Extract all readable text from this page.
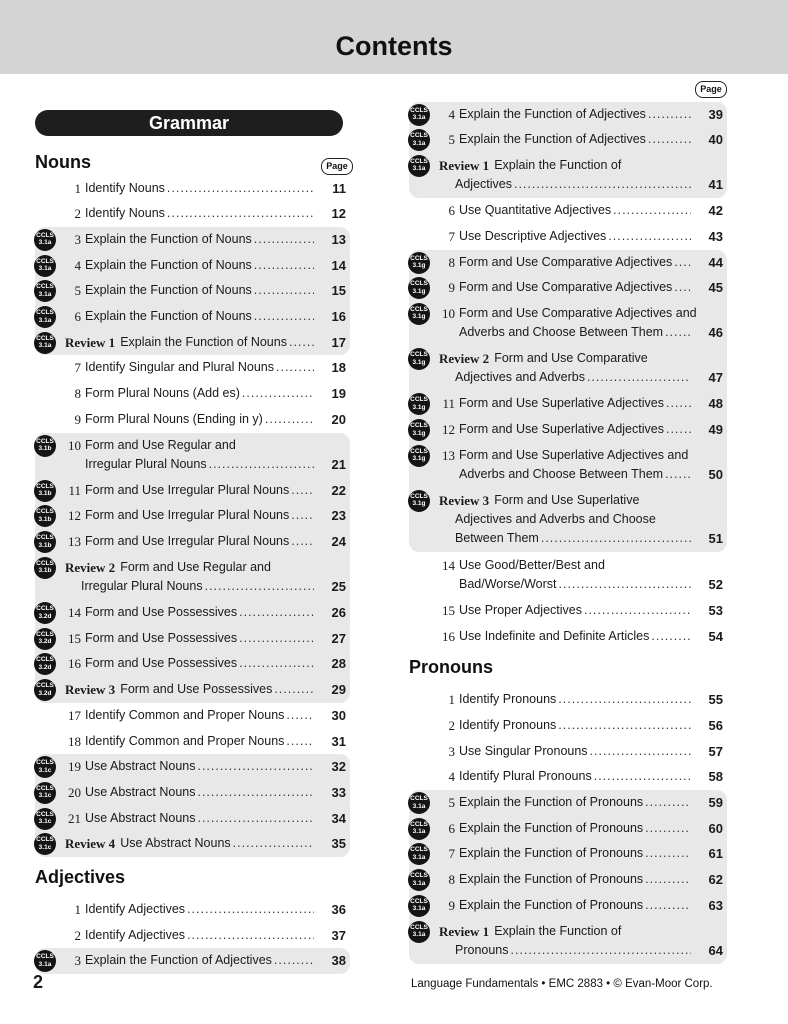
Contents
Grammar
Nouns	Page
Page
2	Language Fundamentals • EMC 2883 • © Evan-Moor Corp.
1 Identify Nouns .....	11
2 Identify Nouns .....	12
3 Explain the Function of Nouns .....	13
CCLS
3.1a
4 Explain the Function of Nouns .....	14
CCLS
3.1a
5 Explain the Function of Nouns .....	15
CCLS
3.1a
6 Explain the Function of Nouns .....	16
CCLS
3.1a
Review 1 Explain the Function of Nouns .....	17
CCLS
3.1a
7 Identify Singular and Plural Nouns .....	18
8 Form Plural Nouns (Add es) .....	19
9 Form Plural Nouns (Ending in y) .....	20
10 Form and Use Regular and
Irregular Plural Nouns .....	21
CCLS
3.1b
11 Form and Use Irregular Plural Nouns .....	22
CCLS
3.1b
12 Form and Use Irregular Plural Nouns .....	23
CCLS
3.1b
13 Form and Use Irregular Plural Nouns .....	24
CCLS
3.1b
Review 2 Form and Use Regular and
Irregular Plural Nouns .....	25
CCLS
3.1b
14 Form and Use Possessives .....	26
CCLS
3.2d
15 Form and Use Possessives .....	27
CCLS
3.2d
16 Form and Use Possessives .....	28
CCLS
3.2d
Review 3 Form and Use Possessives .....	29
CCLS
3.2d
17 Identify Common and Proper Nouns .....	30
18 Identify Common and Proper Nouns .....	31
19 Use Abstract Nouns .....	32
CCLS
3.1c
20 Use Abstract Nouns .....	33
CCLS
3.1c
21 Use Abstract Nouns .....	34
CCLS
3.1c
Review 4 Use Abstract Nouns .....	35
CCLS
3.1c
Adjectives
1 Identify Adjectives .....	36
2 Identify Adjectives .....	37
3 Explain the Function of Adjectives .....	38
CCLS
3.1a
4 Explain the Function of Adjectives .....	39
CCLS
3.1a
5 Explain the Function of Adjectives .....	40
CCLS
3.1a
Review 1 Explain the Function of
Adjectives .....	41
CCLS
3.1a
6 Use Quantitative Adjectives .....	42
7 Use Descriptive Adjectives .....	43
8 Form and Use Comparative Adjectives .....	44
CCLS
3.1g
9 Form and Use Comparative Adjectives .....	45
CCLS
3.1g
10 Form and Use Comparative Adjectives and
Adverbs and Choose Between Them .....	46
CCLS
3.1g
Review 2 Form and Use Comparative
Adjectives and Adverbs .....	47
CCLS
3.1g
11 Form and Use Superlative Adjectives .....	48
CCLS
3.1g
12 Form and Use Superlative Adjectives .....	49
CCLS
3.1g
13 Form and Use Superlative Adjectives and
Adverbs and Choose Between Them .....	50
CCLS
3.1g
Review 3 Form and Use Superlative
Adjectives and Adverbs and Choose
Between Them .....	51
CCLS
3.1g
14 Use Good/Better/Best and
Bad/Worse/Worst .....	52
15 Use Proper Adjectives .....	53
16 Use Indefinite and Definite Articles .....	54
Pronouns
1 Identify Pronouns .....	55
2 Identify Pronouns .....	56
3 Use Singular Pronouns .....	57
4 Identify Plural Pronouns .....	58
5 Explain the Function of Pronouns .....	59
CCLS
3.1a
6 Explain the Function of Pronouns .....	60
CCLS
3.1a
7 Explain the Function of Pronouns .....	61
CCLS
3.1a
8 Explain the Function of Pronouns .....	62
CCLS
3.1a
9 Explain the Function of Pronouns .....	63
CCLS
3.1a
Review 1 Explain the Function of
Pronouns .....	64
CCLS
3.1a
